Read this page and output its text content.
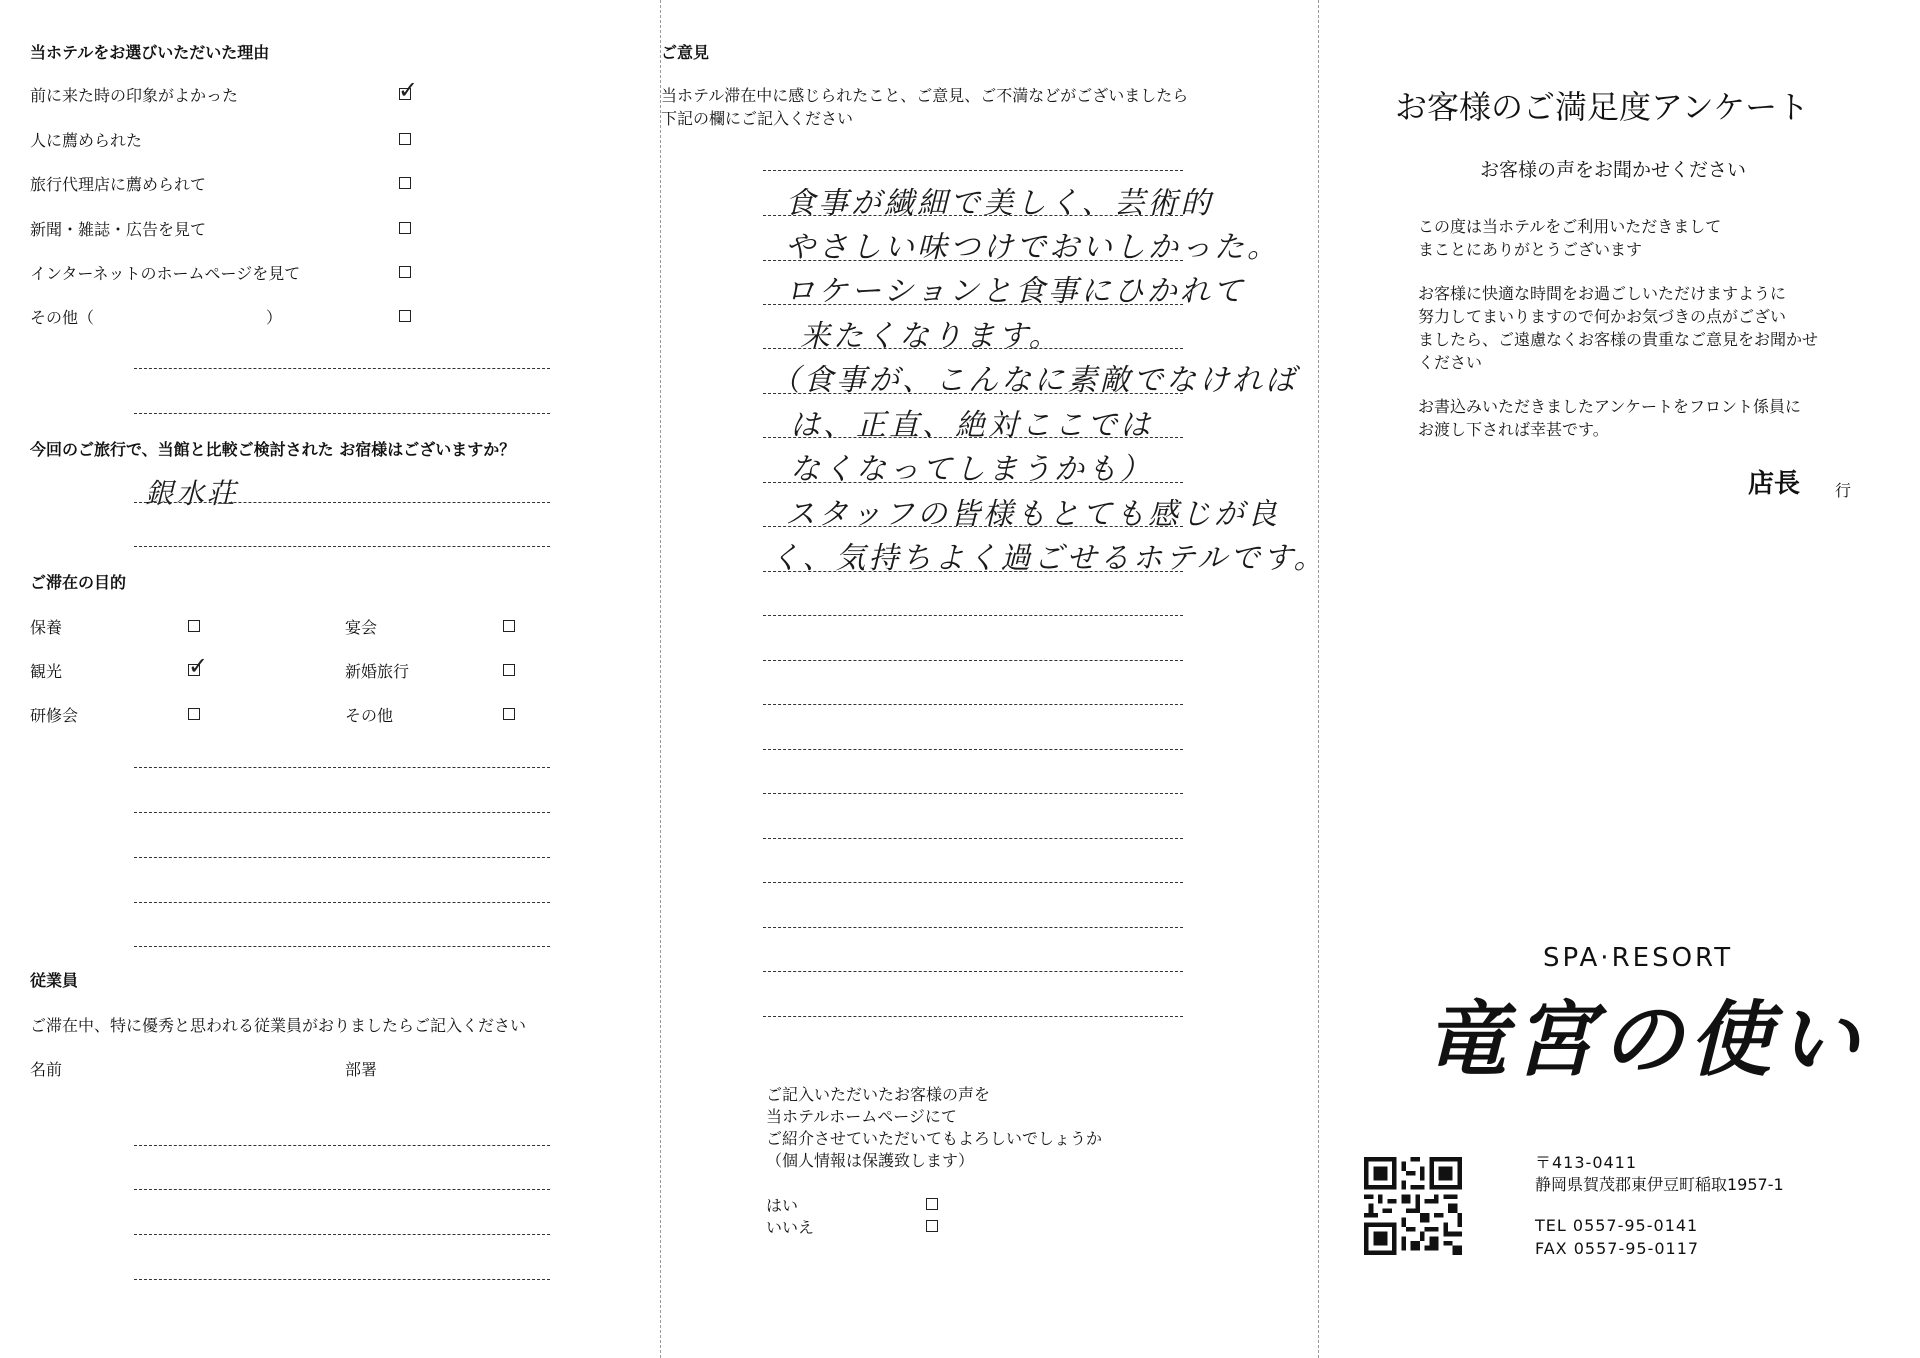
当ホテルをお選びいただいた理由
前に来た時の印象がよかった	✓
人に薦められた
旅行代理店に薦められて
新聞・雑誌・広告を見て
インターネットのホームページを見て
その他（	）
今回のご旅行で、当館と比較ご検討された お宿様はございますか？
銀水荘
ご滞在の目的
保養	宴会
観光	✓	新婚旅行
研修会	その他
従業員
ご滞在中、特に優秀と思われる従業員がおりましたらご記入ください
名前	部署
ご意見
当ホテル滞在中に感じられたこと、ご意見、ご不満などがございましたら
下記の欄にご記入ください
食事が繊細で美しく、芸術的
やさしい味つけでおいしかった。
ロケーションと食事にひかれて
来たくなります。
（食事が、こんなに素敵でなければ
は、正直、絶対ここでは
なくなってしまうかも）
スタッフの皆様もとても感じが良
く、気持ちよく過ごせるホテルです。
ご記入いただいたお客様の声を
当ホテルホームページにて
ご紹介させていただいてもよろしいでしょうか
（個人情報は保護致します）
はい
いいえ
お客様のご満足度アンケート
お客様の声をお聞かせください
この度は当ホテルをご利用いただきまして
まことにありがとうございます
お客様に快適な時間をお過ごしいただけますように
努力してまいりますので何かお気づきの点がござい
ましたら、ご遠慮なくお客様の貴重なご意見をお聞かせ
ください
お書込みいただきましたアンケートをフロント係員に
お渡し下されば幸甚です。
店長 行
SPA·RESORT
竜宮の使い
〒413-0411
静岡県賀茂郡東伊豆町稲取1957-1
TEL 0557-95-0141
FAX 0557-95-0117
